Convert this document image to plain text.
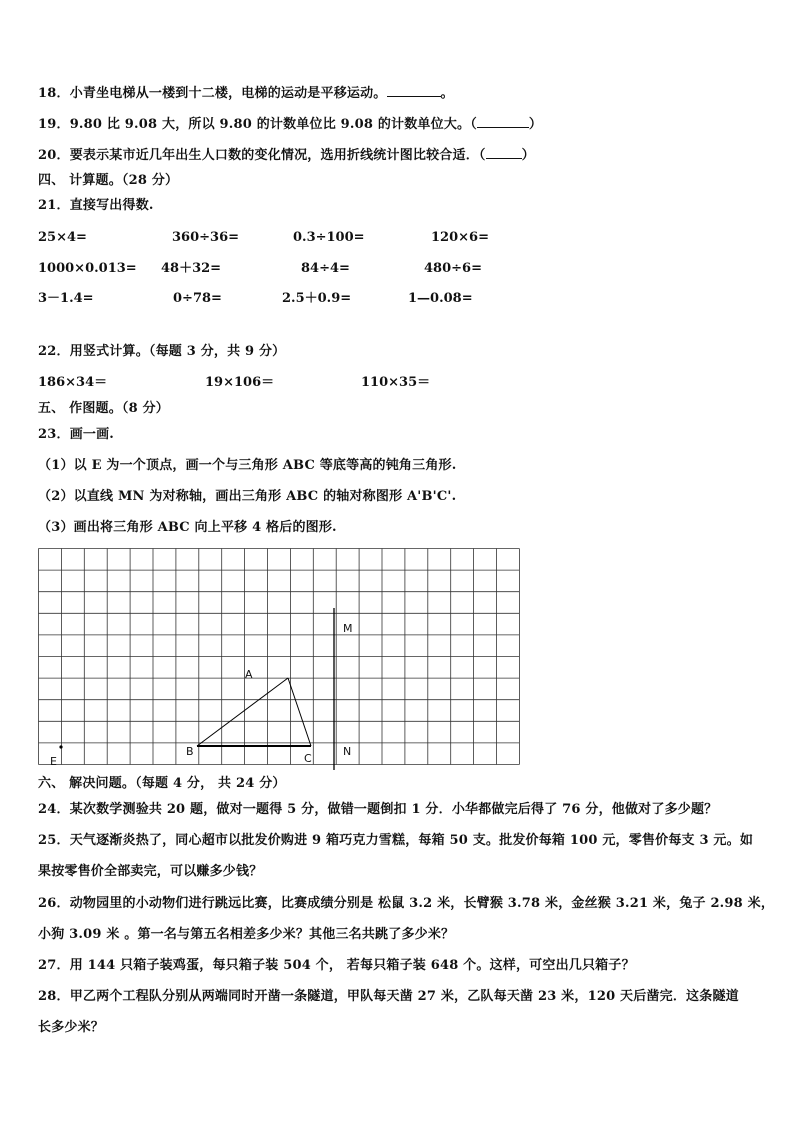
18．小青坐电梯从一楼到十二楼，电梯的运动是平移运动。	。
19．9.80 比 9.08 大，所以 9.80 的计数单位比 9.08 的计数单位大。（	）
20．要表示某市近几年出生人口数的变化情况，选用折线统计图比较合适．（	）
四、 计算题。（28 分）
21．直接写出得数.
25×4=	360÷36=	0.3÷100=	120×6=
1000×0.013= 48＋32=	84÷4=	480÷6=
3－1.4=	0÷78=	2.5＋0.9=	1—0.08=
22．用竖式计算。（每题 3 分，共 9 分）
186×34＝	19×106＝	110×35＝
五、 作图题。（8 分）
23．画一画.
（1）以 E 为一个顶点，画一个与三角形 ABC 等底等高的钝角三角形.
（2）以直线 MN 为对称轴，画出三角形 ABC 的轴对称图形 A'B'C'.
（3）画出将三角形 ABC 向上平移 4 格后的图形.
A
B
C
M
N
E
六、 解决问题。（每题 4 分， 共 24 分）
24．某次数学测验共 20 题，做对一题得 5 分，做错一题倒扣 1 分．小华都做完后得了 76 分，他做对了多少题？
25．天气逐渐炎热了，同心超市以批发价购进 9 箱巧克力雪糕，每箱 50 支。批发价每箱 100 元，零售价每支 3 元。如
果按零售价全部卖完，可以赚多少钱？
26．动物园里的小动物们进行跳远比赛，比赛成绩分别是 松鼠 3.2 米，长臂猴 3.78 米，金丝猴 3.21 米，兔子 2.98 米，
小狗 3.09 米 。第一名与第五名相差多少米？其他三名共跳了多少米？
27．用 144 只箱子装鸡蛋，每只箱子装 504 个， 若每只箱子装 648 个。这样，可空出几只箱子？
28．甲乙两个工程队分别从两端同时开凿一条隧道，甲队每天凿 27 米，乙队每天凿 23 米，120 天后凿完．这条隧道
长多少米？
